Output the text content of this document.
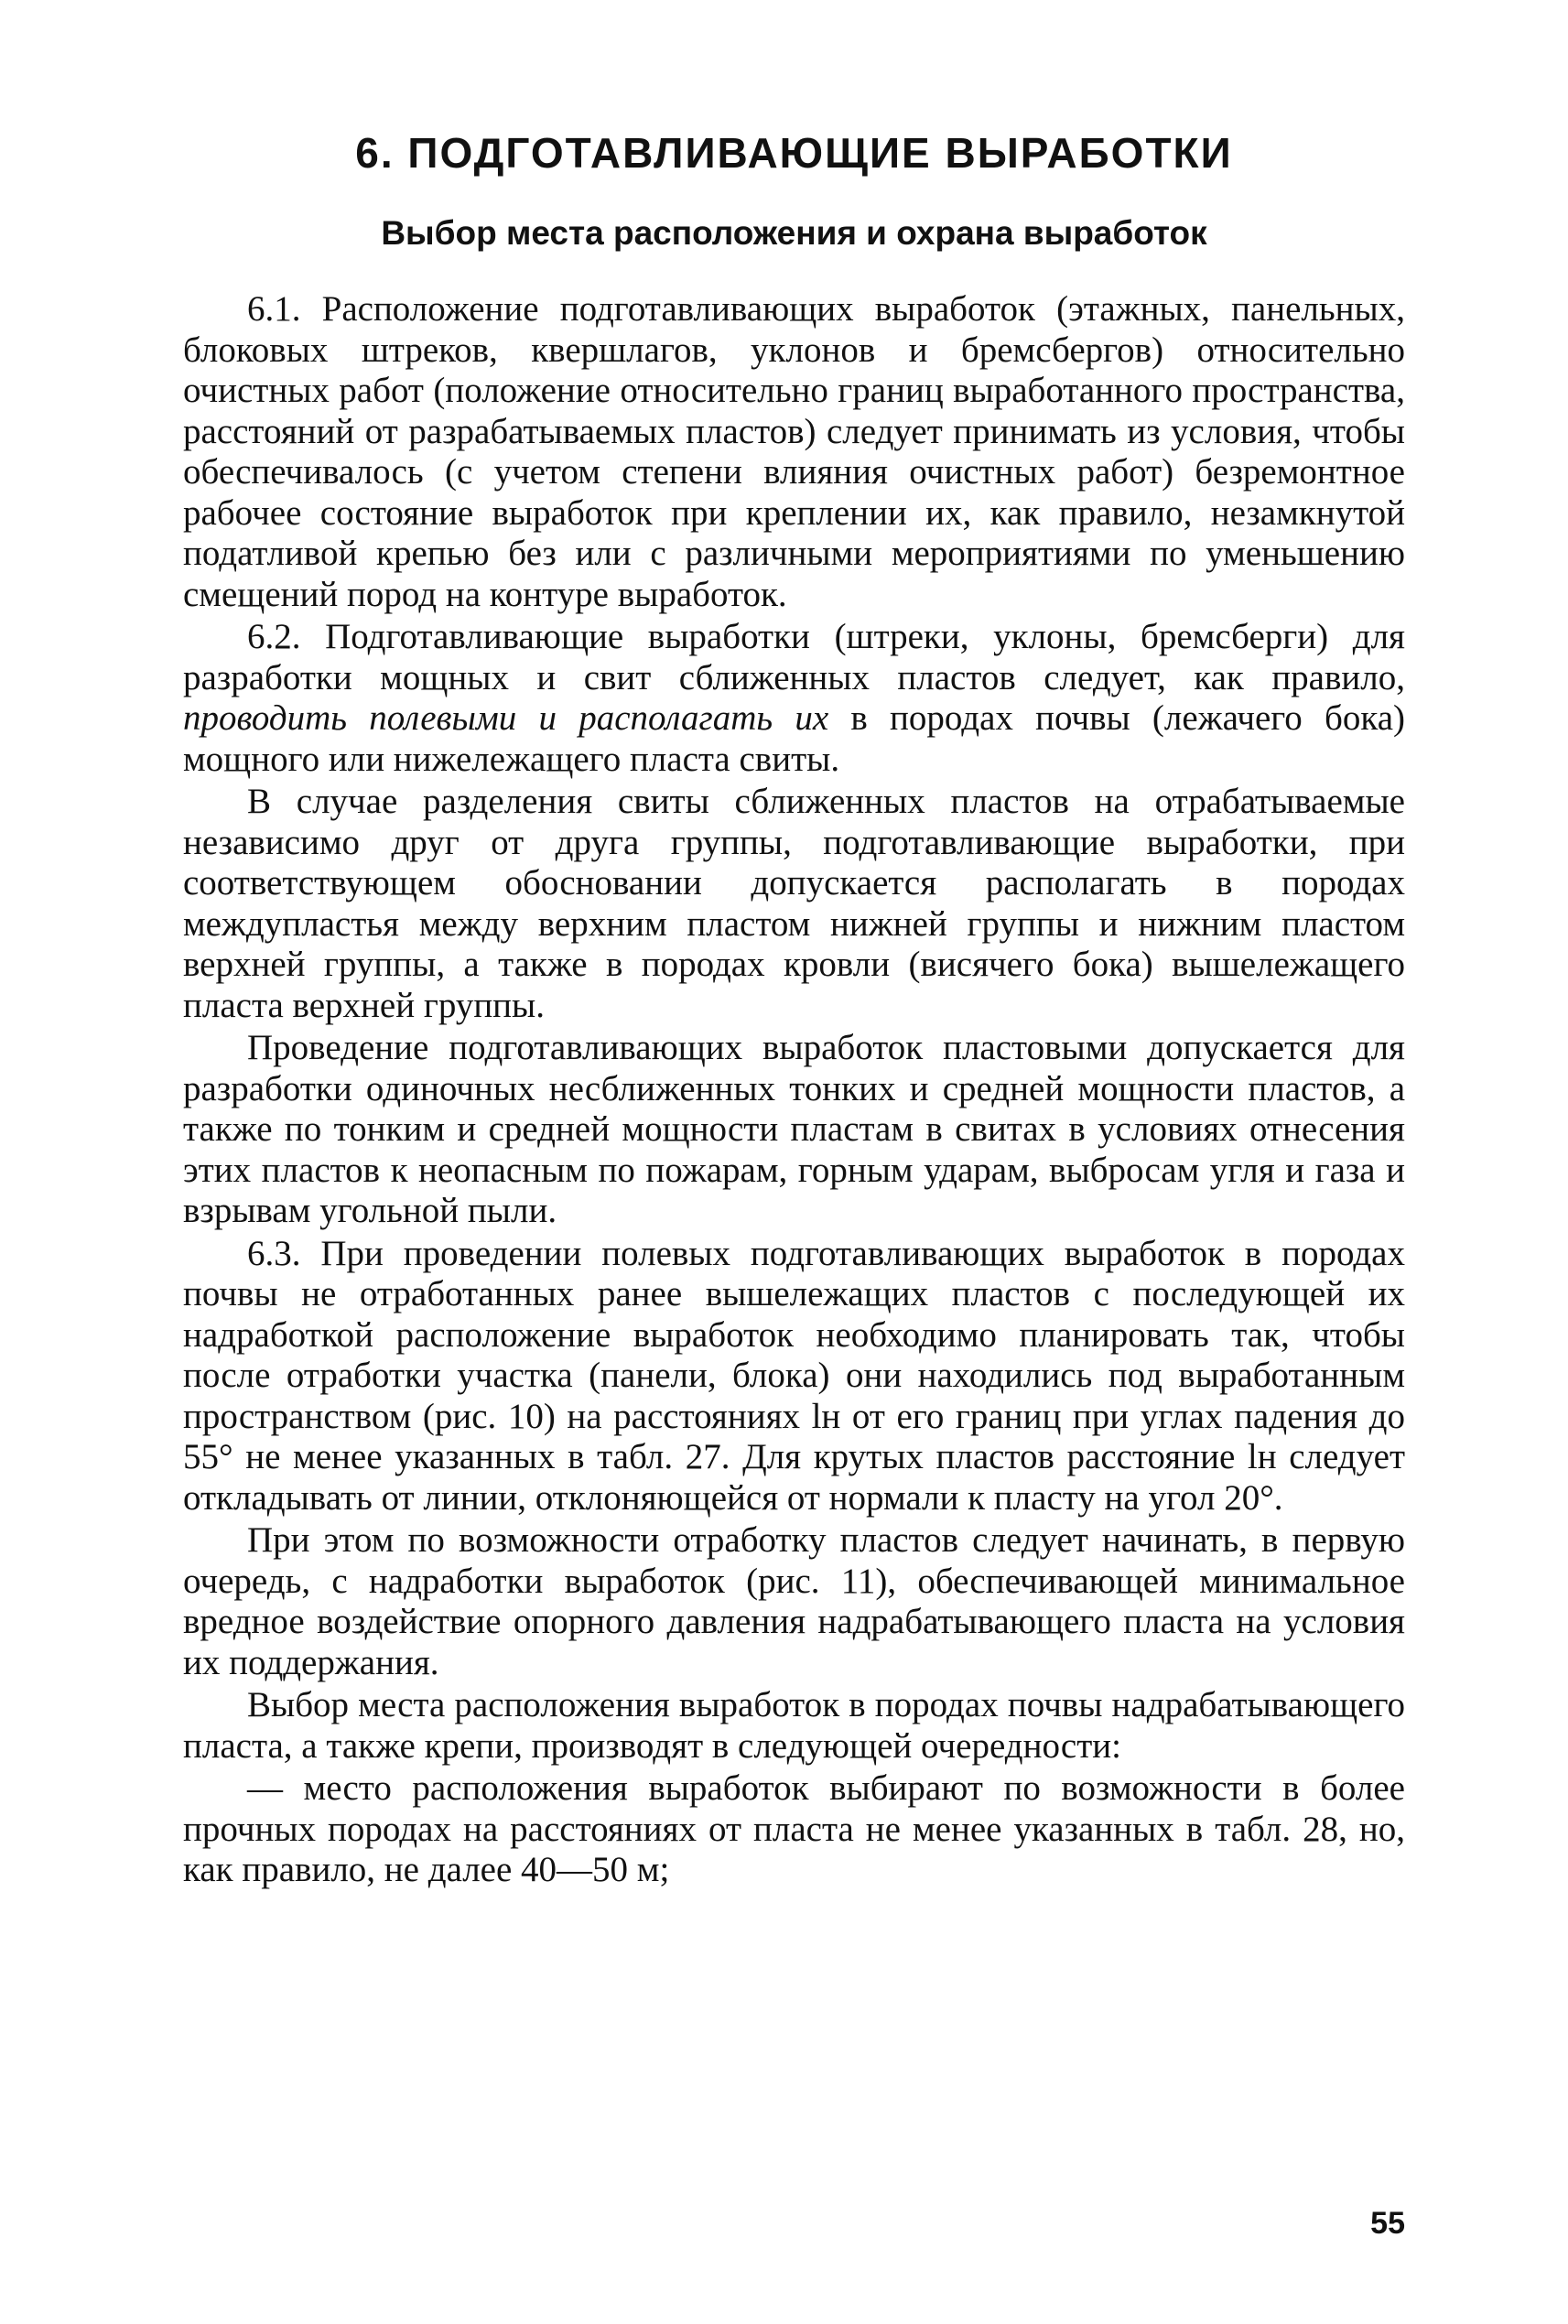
6. ПОДГОТАВЛИВАЮЩИЕ ВЫРАБОТКИ
Выбор места расположения и охрана выработок

6.1. Расположение подготавливающих выработок (этажных, панельных, блоковых штреков, квершлагов, уклонов и бремсбергов) относительно очистных работ (положение относительно границ выработанного пространства, расстояний от разрабатываемых пластов) следует принимать из условия, чтобы обеспечивалось (с учетом степени влияния очистных работ) безремонтное рабочее состояние выработок при креплении их, как правило, незамкнутой податливой крепью без или с различными мероприятиями по уменьшению смещений пород на контуре выработок.

6.2. Подготавливающие выработки (штреки, уклоны, бремсберги) для разработки мощных и свит сближенных пластов следует, как правило, проводить полевыми и располагать их в породах почвы (лежачего бока) мощного или нижележащего пласта свиты.

В случае разделения свиты сближенных пластов на отрабатываемые независимо друг от друга группы, подготавливающие выработки, при соответствующем обосновании допускается располагать в породах междупластья между верхним пластом нижней группы и нижним пластом верхней группы, а также в породах кровли (висячего бока) вышележащего пласта верхней группы.

Проведение подготавливающих выработок пластовыми допускается для разработки одиночных несближенных тонких и средней мощности пластов, а также по тонким и средней мощности пластам в свитах в условиях отнесения этих пластов к неопасным по пожарам, горным ударам, выбросам угля и газа и взрывам угольной пыли.

6.3. При проведении полевых подготавливающих выработок в породах почвы не отработанных ранее вышележащих пластов с последующей их надработкой расположение выработок необходимо планировать так, чтобы после отработки участка (панели, блока) они находились под выработанным пространством (рис. 10) на расстояниях lн от его границ при углах падения до 55° не менее указанных в табл. 27. Для крутых пластов расстояние lн следует откладывать от линии, отклоняющейся от нормали к пласту на угол 20°.

При этом по возможности отработку пластов следует начинать, в первую очередь, с надработки выработок (рис. 11), обеспечивающей минимальное вредное воздействие опорного давления надрабатывающего пласта на условия их поддержания.

Выбор места расположения выработок в породах почвы надрабатывающего пласта, а также крепи, производят в следующей очередности:

— место расположения выработок выбирают по возможности в более прочных породах на расстояниях от пласта не менее указанных в табл. 28, но, как правило, не далее 40—50 м;

55
